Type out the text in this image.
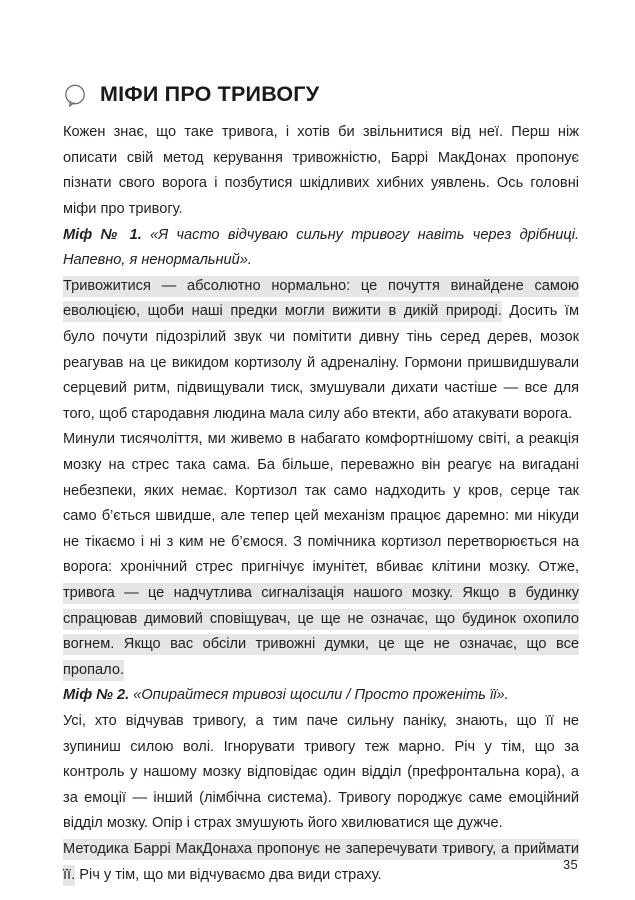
МІФИ ПРО ТРИВОГУ

Кожен знає, що таке тривога, і хотів би звільнитися від неї. Перш ніж описати свій метод керування тривожністю, Баррі МакДонах пропонує пізнати свого ворога і позбутися шкідливих хибних уявлень. Ось головні міфи про тривогу.

Міф № 1. «Я часто відчуваю сильну тривогу навіть через дрібниці. Напевно, я ненормальний».

Тривожитися — абсолютно нормально: це почуття винайдене самою еволюцією, щоби наші предки могли вижити в дикій природі. Досить їм було почути підозрілий звук чи помітити дивну тінь серед дерев, мозок реагував на це викидом кортизолу й адреналіну. Гормони пришвидшували серцевий ритм, підвищували тиск, змушували дихати частіше — все для того, щоб стародавня людина мала силу або втекти, або атакувати ворога.

Минули тисячоліття, ми живемо в набагато комфортнішому світі, а реакція мозку на стрес така сама. Ба більше, переважно він реагує на вигадані небезпеки, яких немає. Кортизол так само надходить у кров, серце так само б’ється швидше, але тепер цей механізм працює даремно: ми нікуди не тікаємо і ні з ким не б’ємося. З помічника кортизол перетворюється на ворога: хронічний стрес пригнічує імунітет, вбиває клітини мозку. Отже, тривога — це надчутлива сигналізація нашого мозку. Якщо в будинку спрацював димовий сповіщувач, це ще не означає, що будинок охопило вогнем. Якщо вас обсіли тривожні думки, це ще не означає, що все пропало.

Міф № 2. «Опирайтеся тривозі щосили / Просто проженіть її».

Усі, хто відчував тривогу, а тим паче сильну паніку, знають, що її не зупиниш силою волі. Ігнорувати тривогу теж марно. Річ у тім, що за контроль у нашому мозку відповідає один відділ (префронтальна кора), а за емоції — інший (лімбічна система). Тривогу породжує саме емоційний відділ мозку. Опір і страх змушують його хвилюватися ще дужче.

Методика Баррі МакДонаха пропонує не заперечувати тривогу, а приймати її. Річ у тім, що ми відчуваємо два види страху.

35
